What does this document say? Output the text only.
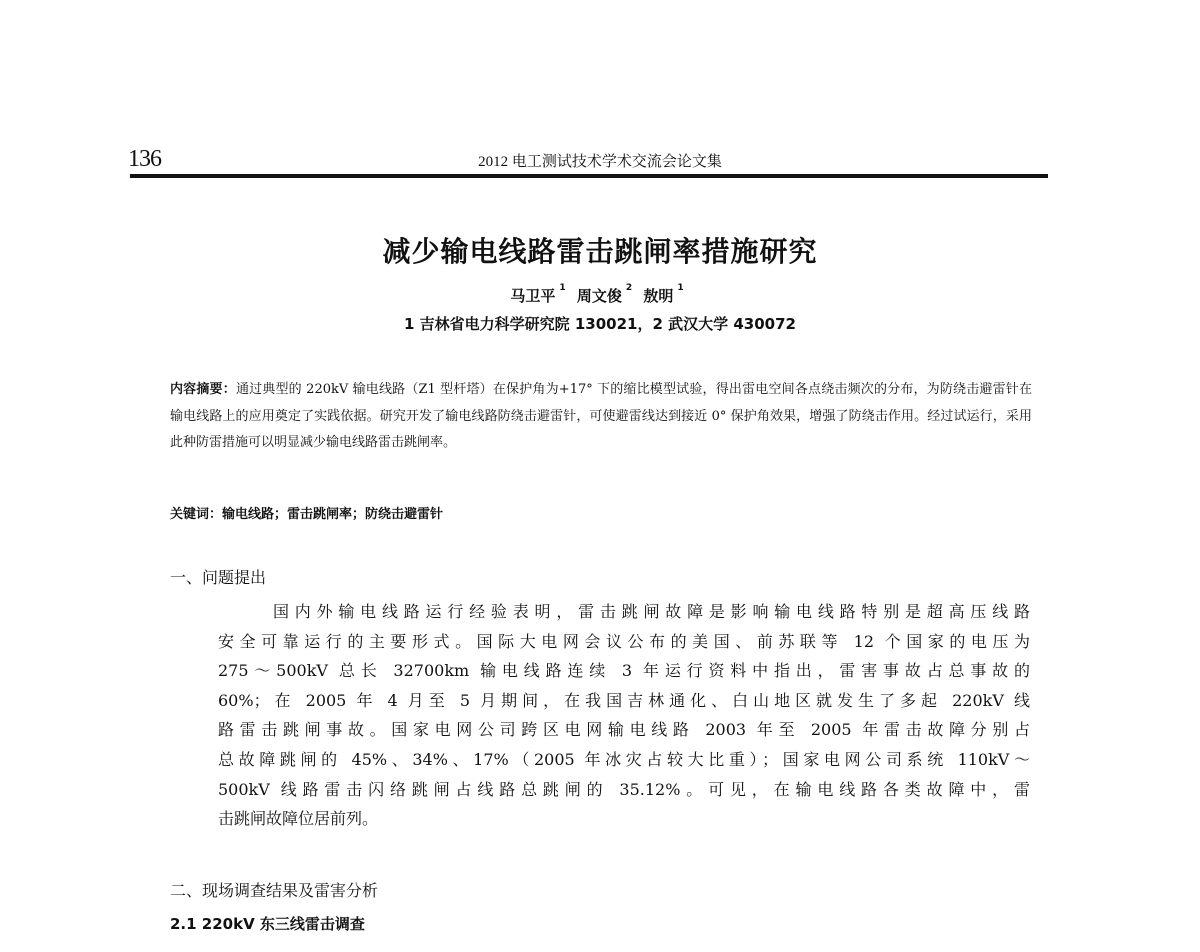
136	2012 电工测试技术学术交流会论文集
减少输电线路雷击跳闸率措施研究
马卫平 $^1$ 周文俊 $^2$ 敖明 $^1$
1 吉林省电力科学研究院 130021，2 武汉大学 430072
内容摘要：通过典型的 220kV 输电线路（Z1 型杆塔）在保护角为+17° 下的缩比模型试验，得出雷电空间各点绕击频次的分布，为防绕击避雷针在输电线路上的应用奠定了实践依据。研究开发了输电线路防绕击避雷针，可使避雷线达到接近 0° 保护角效果，增强了防绕击作用。经过试运行，采用此种防雷措施可以明显减少输电线路雷击跳闸率。
关键词：输电线路；雷击跳闸率；防绕击避雷针
一、问题提出
国内外输电线路运行经验表明，雷击跳闸故障是影响输电线路特别是超高压线路
安全可靠运行的主要形式。国际大电网会议公布的美国、前苏联等 12 个国家的电压为
275～500kV 总长 32700km 输电线路连续 3 年运行资料中指出，雷害事故占总事故的
60%；在 2005 年 4 月至 5 月期间，在我国吉林通化、白山地区就发生了多起 220kV 线
路雷击跳闸事故。国家电网公司跨区电网输电线路 2003 年至 2005 年雷击故障分别占
总故障跳闸的 45%、34%、17%（2005 年冰灾占较大比重）；国家电网公司系统 110kV～
500kV 线路雷击闪络跳闸占线路总跳闸的 35.12%。可见，在输电线路各类故障中，雷
击跳闸故障位居前列。
二、现场调查结果及雷害分析
2.1 220kV 东三线雷击调查
